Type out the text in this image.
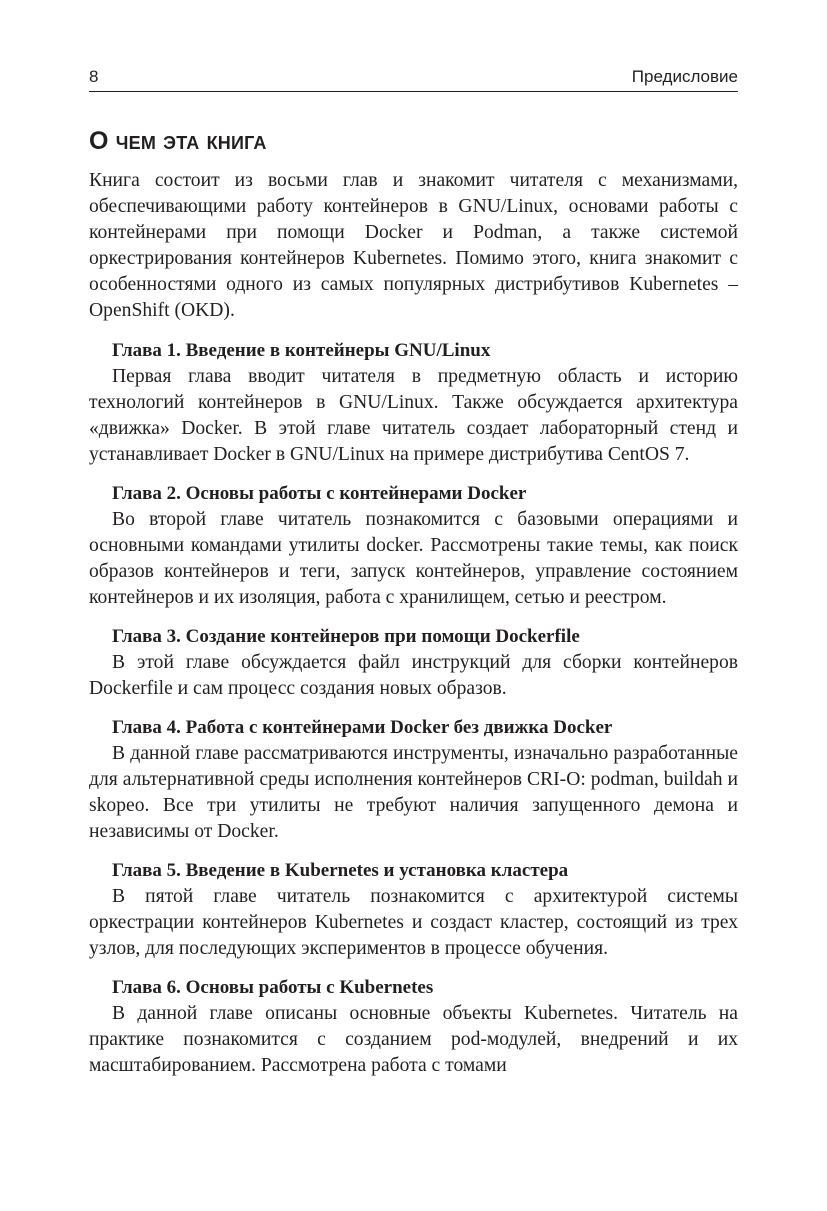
8	Предисловие
О чем эта книга

Книга состоит из восьми глав и знакомит читателя с механизмами, обеспечивающими работу контейнеров в GNU/Linux, основами работы с контейнерами при помощи Docker и Podman, а также системой оркестрирования контейнеров Kubernetes. Помимо этого, книга знакомит с особенностями одного из самых популярных дистрибутивов Kubernetes – OpenShift (OKD).

Глава 1. Введение в контейнеры GNU/Linux

Первая глава вводит читателя в предметную область и историю технологий контейнеров в GNU/Linux. Также обсуждается архитектура «движка» Docker. В этой главе читатель создает лабораторный стенд и устанавливает Docker в GNU/Linux на примере дистрибутива CentOS 7.

Глава 2. Основы работы с контейнерами Docker

Во второй главе читатель познакомится с базовыми операциями и основными командами утилиты docker. Рассмотрены такие темы, как поиск образов контейнеров и теги, запуск контейнеров, управление состоянием контейнеров и их изоляция, работа с хранилищем, сетью и реестром.

Глава 3. Создание контейнеров при помощи Dockerfile

В этой главе обсуждается файл инструкций для сборки контейнеров Dockerfile и сам процесс создания новых образов.

Глава 4. Работа с контейнерами Docker без движка Docker

В данной главе рассматриваются инструменты, изначально разработанные для альтернативной среды исполнения контейнеров CRI-O: podman, buildah и skopeo. Все три утилиты не требуют наличия запущенного демона и независимы от Docker.

Глава 5. Введение в Kubernetes и установка кластера

В пятой главе читатель познакомится с архитектурой системы оркестрации контейнеров Kubernetes и создаст кластер, состоящий из трех узлов, для последующих экспериментов в процессе обучения.

Глава 6. Основы работы с Kubernetes

В данной главе описаны основные объекты Kubernetes. Читатель на практике познакомится с созданием pod-модулей, внедрений и их масштабированием. Рассмотрена работа с томами
